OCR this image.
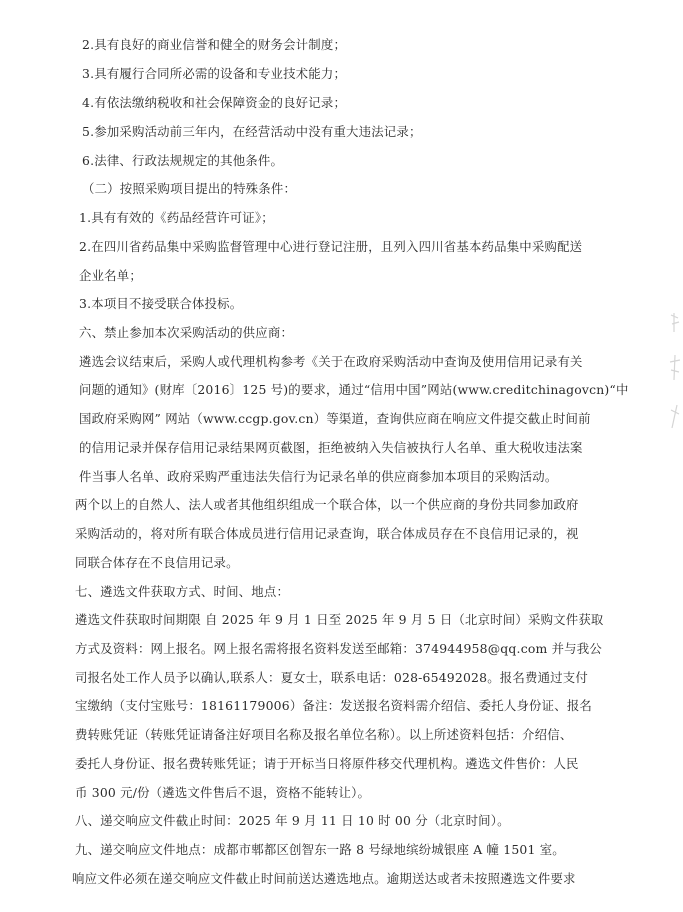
2.具有良好的商业信誉和健全的财务会计制度；
3.具有履行合同所必需的设备和专业技术能力；
4.有依法缴纳税收和社会保障资金的良好记录；
5.参加采购活动前三年内，在经营活动中没有重大违法记录；
6.法律、行政法规规定的其他条件。
（二）按照采购项目提出的特殊条件：
1.具有有效的《药品经营许可证》；
2.在四川省药品集中采购监督管理中心进行登记注册，且列入四川省基本药品集中采购配送
企业名单；
3.本项目不接受联合体投标。
六、禁止参加本次采购活动的供应商：
遴选会议结束后，采购人或代理机构参考《关于在政府采购活动中查询及使用信用记录有关
问题的通知》(财库〔2016〕125 号)的要求，通过“信用中国”网站(www.creditchinagovcn)“中
国政府采购网” 网站（www.ccgp.gov.cn）等渠道，查询供应商在响应文件提交截止时间前
的信用记录并保存信用记录结果网页截图，拒绝被纳入失信被执行人名单、重大税收违法案
件当事人名单、政府采购严重违法失信行为记录名单的供应商参加本项目的采购活动。
两个以上的自然人、法人或者其他组织组成一个联合体，以一个供应商的身份共同参加政府
采购活动的，将对所有联合体成员进行信用记录查询，联合体成员存在不良信用记录的，视
同联合体存在不良信用记录。
七、遴选文件获取方式、时间、地点：
遴选文件获取时间期限 自 2025 年 9 月 1 日至 2025 年 9 月 5 日（北京时间）采购文件获取
方式及资料：网上报名。网上报名需将报名资料发送至邮箱：374944958@qq.com 并与我公
司报名处工作人员予以确认,联系人：夏女士，联系电话：028-65492028。报名费通过支付
宝缴纳（支付宝账号：18161179006）备注：发送报名资料需介绍信、委托人身份证、报名
费转账凭证（转账凭证请备注好项目名称及报名单位名称）。以上所述资料包括：介绍信、
委托人身份证、报名费转账凭证；请于开标当日将原件移交代理机构。遴选文件售价：人民
币 300 元/份（遴选文件售后不退，资格不能转让）。
八、递交响应文件截止时间：2025 年 9 月 11 日 10 时 00 分（北京时间）。
九、递交响应文件地点：成都市郫都区创智东一路 8 号绿地缤纷城银座 A 幢 1501 室。
响应文件必须在递交响应文件截止时间前送达遴选地点。逾期送达或者未按照遴选文件要求
